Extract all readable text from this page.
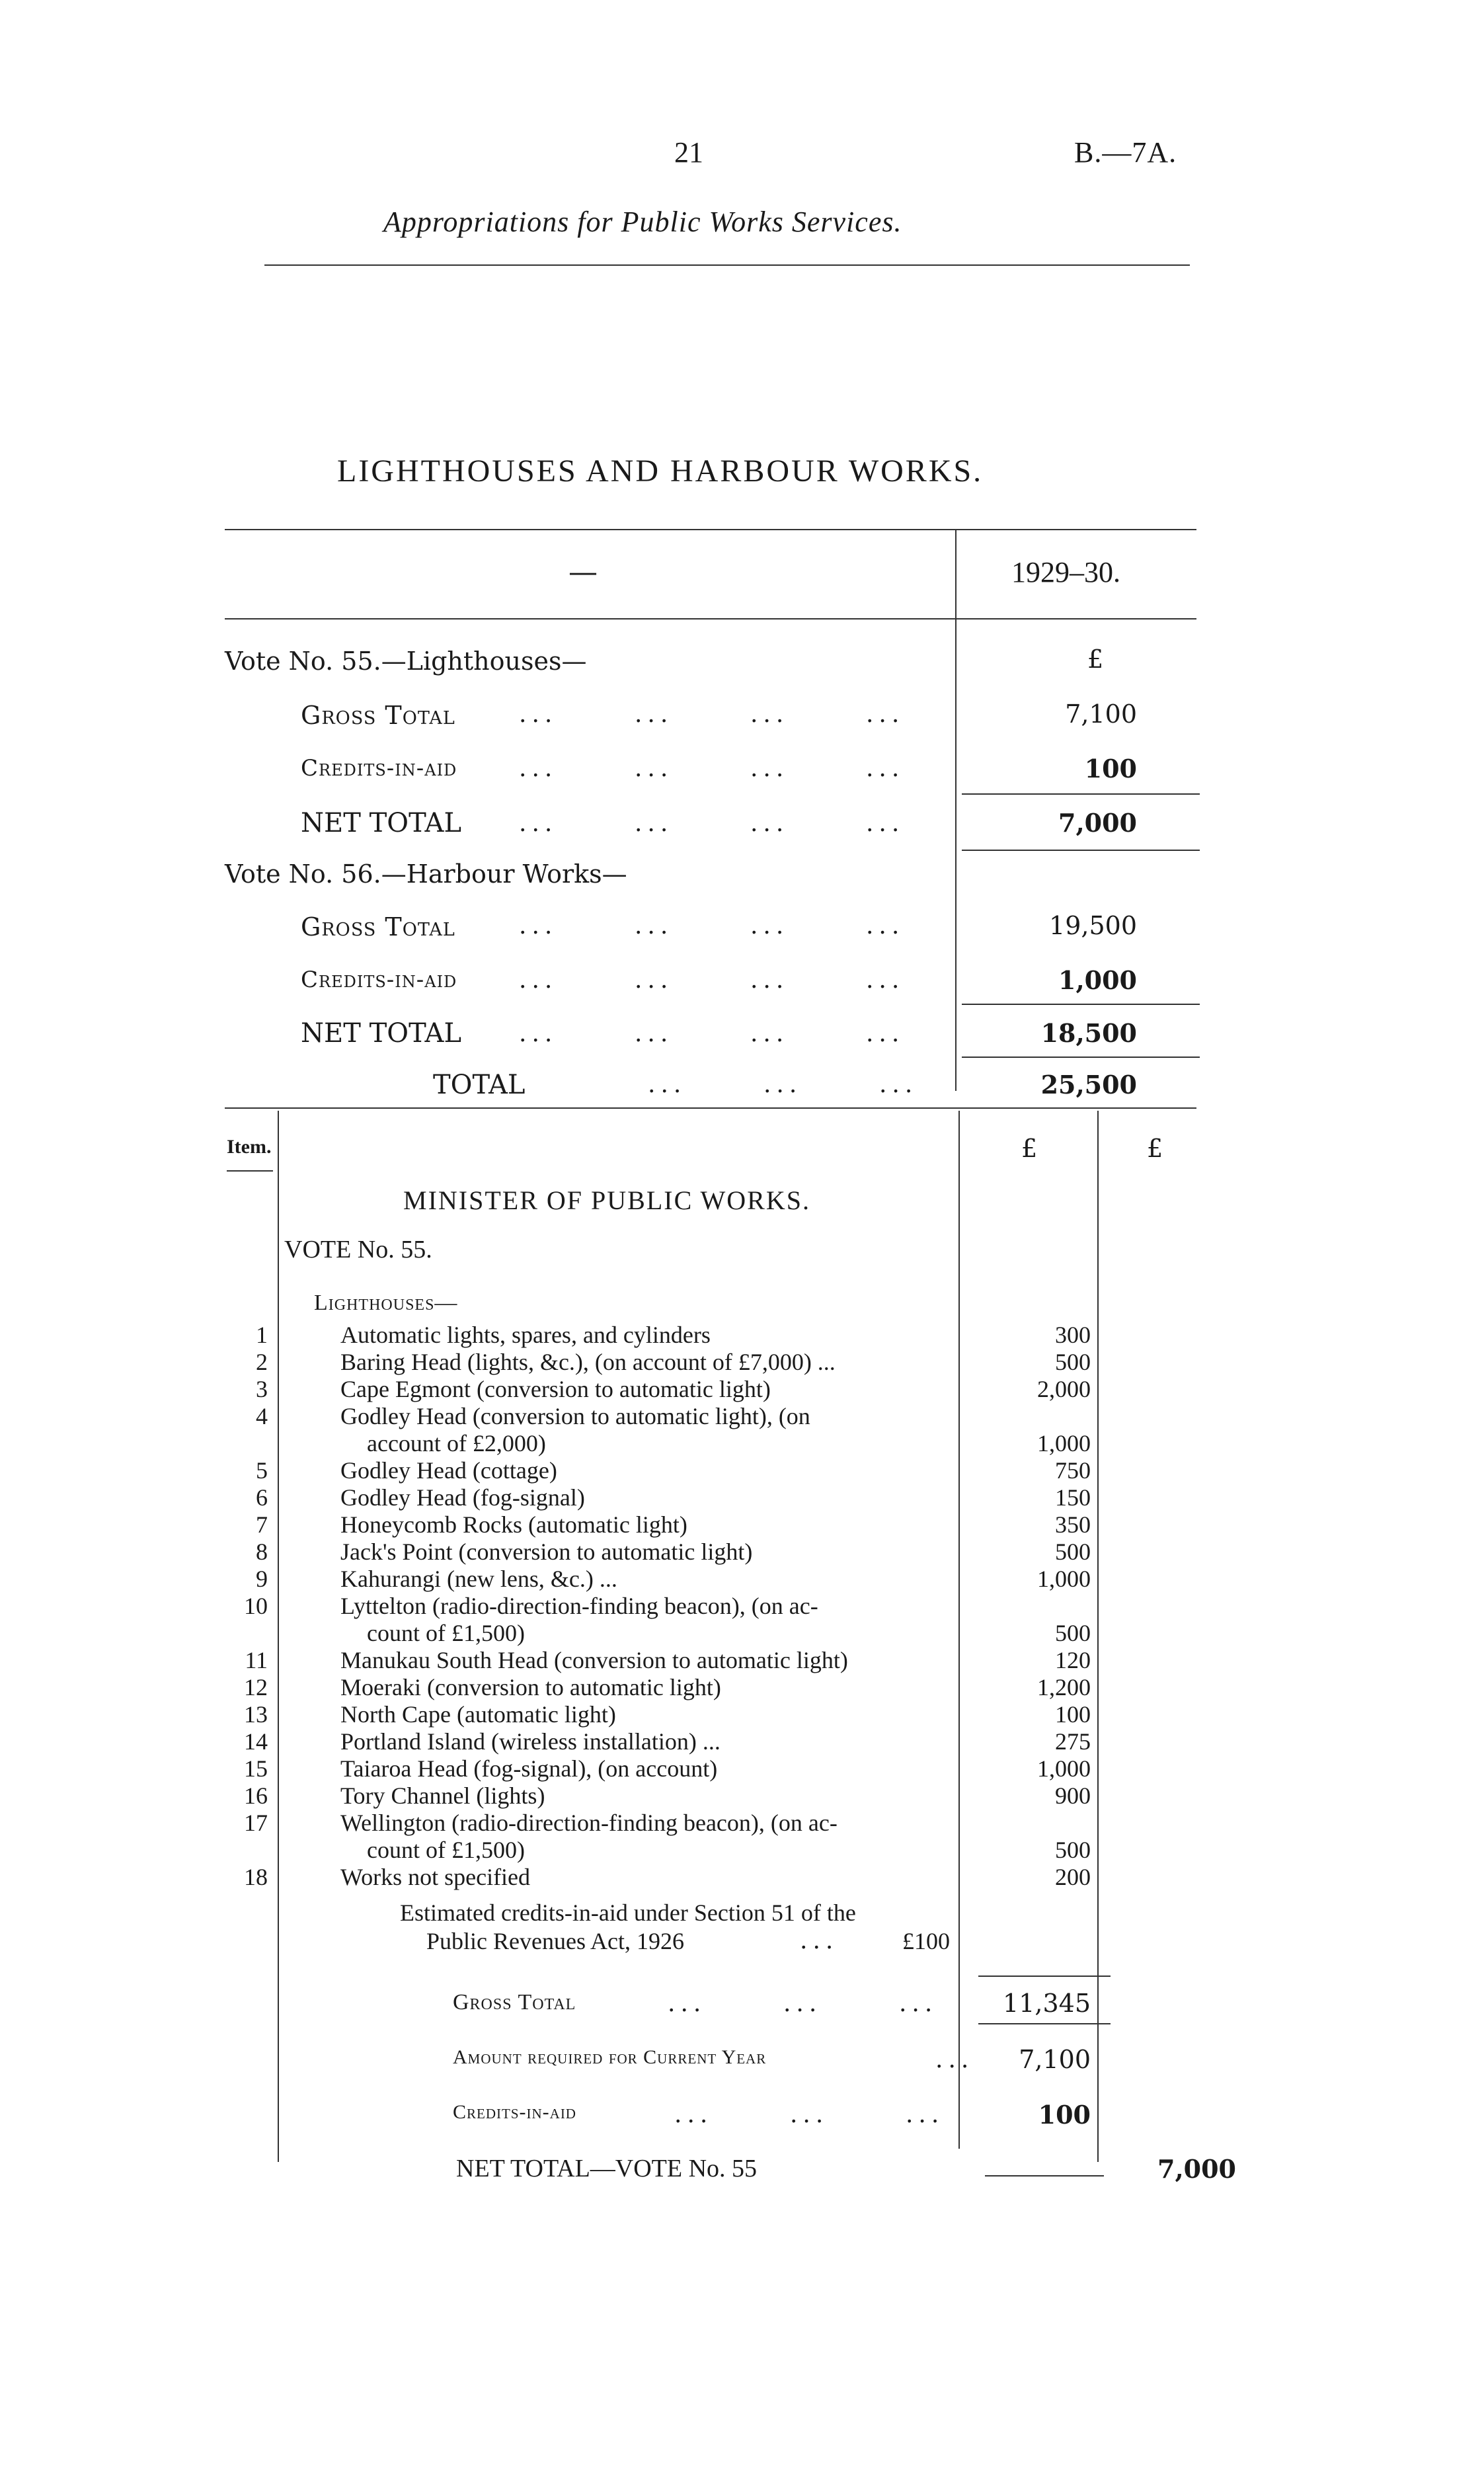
21	B.—7A.
Appropriations for Public Works Services.
LIGHTHOUSES AND HARBOUR WORKS.
—	1929–30.
£
Vote No. 55.—Lighthouses—
Gross Total	...      ...      ...      ...	7,100
Credits-in-aid	...      ...      ...      ...	100
NET TOTAL ...      ...      ...      ...	7,000
Vote No. 56.—Harbour Works—
Gross Total	...      ...      ...      ...	19,500
Credits-in-aid	...      ...      ...      ...	1,000
NET TOTAL ...      ...      ...      ...	18,500
TOTAL	...      ...      ...	25,500
Item.	£	£
MINISTER OF PUBLIC WORKS.
VOTE No. 55.
Lighthouses—
1	Automatic lights, spares, and cylinders	300
2	Baring Head (lights, &c.), (on account of £7,000) ...	500
3	Cape Egmont (conversion to automatic light)	2,000
4	Godley Head (conversion to automatic light), (on
account of £2,000)	1,000
5	Godley Head (cottage)	750
6	Godley Head (fog-signal)	150
7	Honeycomb Rocks (automatic light)	350
8	Jack's Point (conversion to automatic light)	500
9	Kahurangi (new lens, &c.) ...	1,000
10	Lyttelton (radio-direction-finding beacon), (on ac-
count of £1,500)	500
11	Manukau South Head (conversion to automatic light)	120
12	Moeraki (conversion to automatic light)	1,200
13	North Cape (automatic light)	100
14	Portland Island (wireless installation) ...	275
15	Taiaroa Head (fog-signal), (on account)	1,000
16	Tory Channel (lights)	900
17	Wellington (radio-direction-finding beacon), (on ac-
count of £1,500)	500
18	Works not specified	200
Estimated credits-in-aid under Section 51 of the
Public Revenues Act, 1926	...	£100
Gross Total	...      ...      ...	11,345
Amount required for Current Year	...	7,100
Credits-in-aid	...      ...      ...	100
NET TOTAL—VOTE No. 55	7,000
